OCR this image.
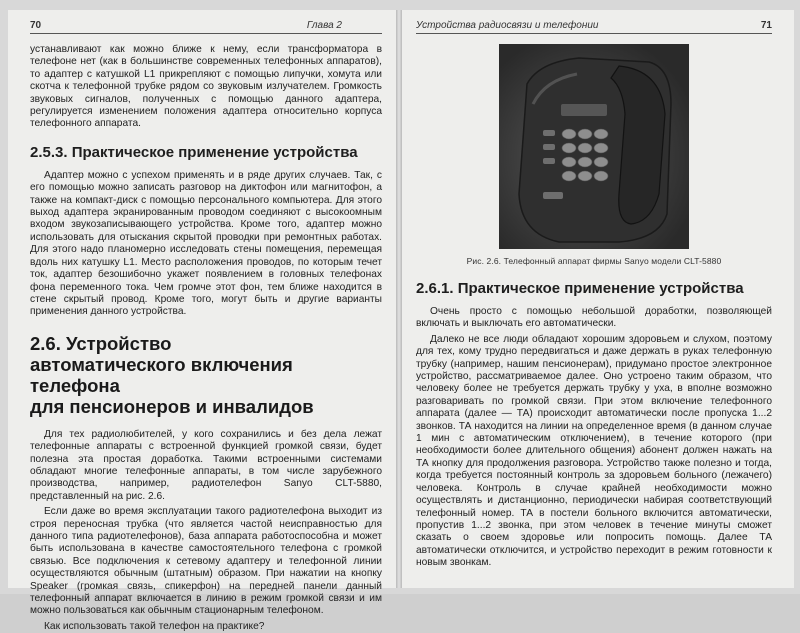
70	Глава 2

устанавливают как можно ближе к нему, если трансформатора в телефоне нет (как в большинстве современных телефонных аппаратов), то адаптер с катушкой L1 прикрепляют с помощью липучки, хомута или скотча к телефонной трубке рядом со звуковым излучателем. Громкость звуковых сигналов, полученных с помощью данного адаптера, регулируется изменением положения адаптера относительно корпуса телефонного аппарата.

2.5.3. Практическое применение устройства

Адаптер можно с успехом применять и в ряде других случаев. Так, с его помощью можно записать разговор на диктофон или магнитофон, а также на компакт-диск с помощью персонального компьютера. Для этого выход адаптера экранированным проводом соединяют с высокоомным входом звукозаписывающего устройства. Кроме того, адаптер можно использовать для отыскания скрытой проводки при ремонтных работах. Для этого надо планомерно исследовать стены помещения, перемещая вдоль них катушку L1. Место расположения проводов, по которым течет ток, адаптер безошибочно укажет появлением в головных телефонах фона переменного тока. Чем громче этот фон, тем ближе находится в стене скрытый провод. Кроме того, могут быть и другие варианты применения данного устройства.

2.6. Устройство
автоматического включения телефона
для пенсионеров и инвалидов

Для тех радиолюбителей, у кого сохранились и без дела лежат телефонные аппараты с встроенной функцией громкой связи, будет полезна эта простая доработка. Такими встроенными системами обладают многие телефонные аппараты, в том числе зарубежного производства, например, радиотелефон Sanyo CLT-5880, представленный на рис. 2.6.

Если даже во время эксплуатации такого радиотелефона выходит из строя переносная трубка (что является частой неисправностью для данного типа радиотелефонов), база аппарата работоспособна и может быть использована в качестве самостоятельного телефона с громкой связью. Все подключения к сетевому адаптеру и телефонной линии осуществляются обычным (штатным) образом. При нажатии на кнопку Speaker (громкая связь, спикерфон) на передней панели данный телефонный аппарат включается в линию в режим громкой связи и им можно пользоваться как обычным стационарным телефоном.

Как использовать такой телефон на практике?

Устройства радиосвязи и телефонии	71
Рис. 2.6. Телефонный аппарат фирмы Sanyo модели CLT-5880
2.6.1. Практическое применение устройства

Очень просто с помощью небольшой доработки, позволяющей включать и выключать его автоматически.

Далеко не все люди обладают хорошим здоровьем и слухом, поэтому для тех, кому трудно передвигаться и даже держать в руках телефонную трубку (например, нашим пенсионерам), придумано простое электронное устройство, рассматриваемое далее. Оно устроено таким образом, что человеку более не требуется держать трубку у уха, в вполне возможно разговаривать по громкой связи. При этом включение телефонного аппарата (далее — ТА) происходит автоматически после пропуска 1...2 звонков. ТА находится на линии на определенное время (в данном случае 1 мин с автоматическим отключением), в течение которого (при необходимости более длительного общения) абонент должен нажать на ТА кнопку для продолжения разговора. Устройство также полезно и тогда, когда требуется постоянный контроль за здоровьем больного (лежачего) человека. Контроль в случае крайней необходимости можно осуществлять и дистанционно, периодически набирая соответствующий телефонный номер. ТА в постели больного включится автоматически, пропустив 1...2 звонка, при этом человек в течение минуты сможет сказать о своем здоровье или попросить помощь. Далее ТА автоматически отключится, и устройство переходит в режим готовности к новым звонкам.
